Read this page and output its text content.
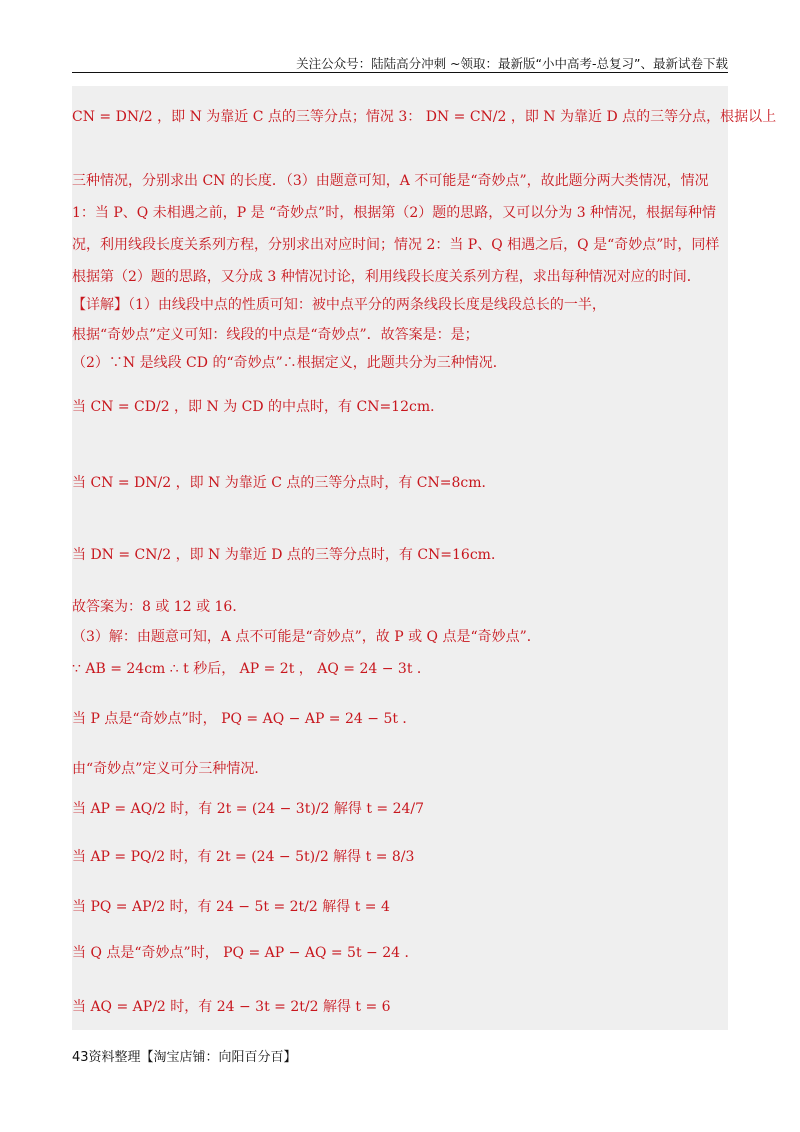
关注公众号：陆陆高分冲刺 ~领取：最新版“小中高考-总复习”、最新试卷下载
CN = DN/2 ，即 N 为靠近 C 点的三等分点；情况 3： DN = CN/2 ，即 N 为靠近 D 点的三等分点，根据以上
三种情况，分别求出 CN 的长度．（3）由题意可知，A 不可能是“奇妙点”，故此题分两大类情况，情况
1：当 P、Q 未相遇之前，P 是 “奇妙点”时，根据第（2）题的思路，又可以分为 3 种情况，根据每种情
况，利用线段长度关系列方程，分别求出对应时间；情况 2：当 P、Q 相遇之后，Q 是“奇妙点”时，同样
根据第（2）题的思路，又分成 3 种情况讨论，利用线段长度关系列方程，求出每种情况对应的时间．
【详解】（1）由线段中点的性质可知：被中点平分的两条线段长度是线段总长的一半，
根据“奇妙点”定义可知：线段的中点是“奇妙点”．故答案是：是；
（2）∵N 是线段 CD 的“奇妙点”∴根据定义，此题共分为三种情况．
当 CN = CD/2 ，即 N 为 CD 的中点时，有 CN=12cm．
当 CN = DN/2 ，即 N 为靠近 C 点的三等分点时，有 CN=8cm．
当 DN = CN/2 ，即 N 为靠近 D 点的三等分点时，有 CN=16cm．
故答案为：8 或 12 或 16．
（3）解：由题意可知，A 点不可能是“奇妙点”，故 P 或 Q 点是“奇妙点”．
∵ AB = 24cm ∴ t 秒后， AP = 2t ， AQ = 24 − 3t ．
当 P 点是“奇妙点”时， PQ = AQ − AP = 24 − 5t ．
由“奇妙点”定义可分三种情况．
当 AP = AQ/2 时，有 2t = (24 − 3t)/2 解得 t = 24/7
当 AP = PQ/2 时，有 2t = (24 − 5t)/2 解得 t = 8/3
当 PQ = AP/2 时，有 24 − 5t = 2t/2 解得 t = 4
当 Q 点是“奇妙点”时， PQ = AP − AQ = 5t − 24 ．
当 AQ = AP/2 时，有 24 − 3t = 2t/2 解得 t = 6
43资料整理【淘宝店铺：向阳百分百】
